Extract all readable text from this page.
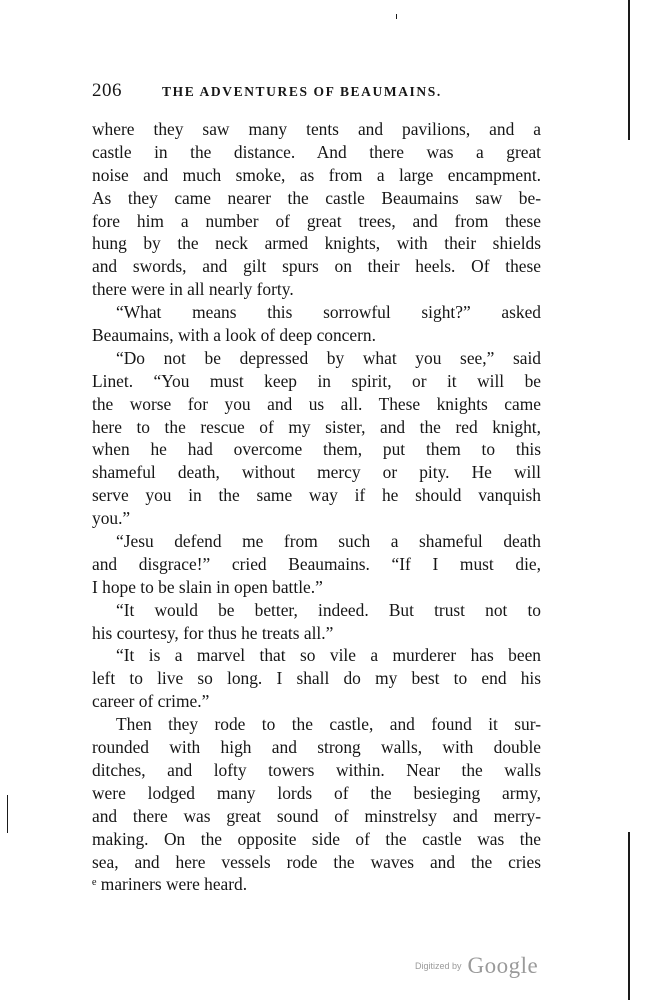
206	THE ADVENTURES OF BEAUMAINS.
where they saw many tents and pavilions, and a
castle in the distance. And there was a great
noise and much smoke, as from a large encampment.
As they came nearer the castle Beaumains saw be-
fore him a number of great trees, and from these
hung by the neck armed knights, with their shields
and swords, and gilt spurs on their heels. Of these
there were in all nearly forty.
“What means this sorrowful sight?” asked
Beaumains, with a look of deep concern.
“Do not be depressed by what you see,” said
Linet. “You must keep in spirit, or it will be
the worse for you and us all. These knights came
here to the rescue of my sister, and the red knight,
when he had overcome them, put them to this
shameful death, without mercy or pity. He will
serve you in the same way if he should vanquish
you.”
“Jesu defend me from such a shameful death
and disgrace!” cried Beaumains. “If I must die,
I hope to be slain in open battle.”
“It would be better, indeed. But trust not to
his courtesy, for thus he treats all.”
“It is a marvel that so vile a murderer has been
left to live so long. I shall do my best to end his
career of crime.”
Then they rode to the castle, and found it sur-
rounded with high and strong walls, with double
ditches, and lofty towers within. Near the walls
were lodged many lords of the besieging army,
and there was great sound of minstrelsy and merry-
making. On the opposite side of the castle was the
sea, and here vessels rode the waves and the cries
ᵉ mariners were heard.
Digitized by Google
